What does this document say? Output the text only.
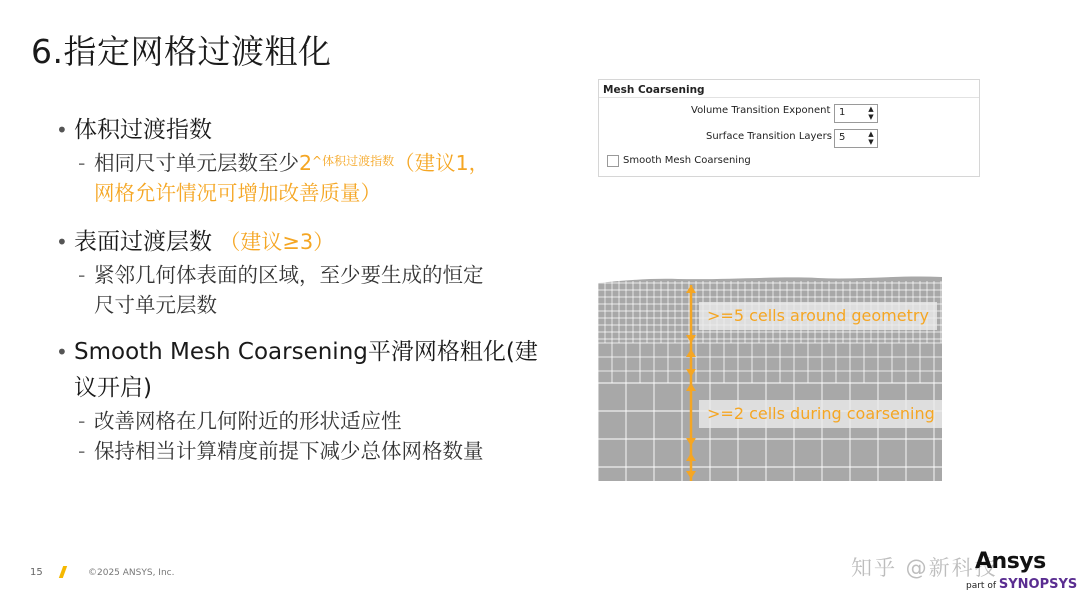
6.指定网格过渡粗化
• 体积过渡指数
- 相同尺寸单元层数至少$2^{\^{}体积过渡指数}$（建议1，
网格允许情况可增加改善质量）
• 表面过渡层数 （建议≥3）
- 紧邻几何体表面的区域，至少要生成的恒定
尺寸单元层数
• Smooth Mesh Coarsening平滑网格粗化(建
议开启)
- 改善网格在几何附近的形状适应性
- 保持相当计算精度前提下减少总体网格数量
Mesh Coarsening
Volume Transition Exponent 1	▲
▼
Surface Transition Layers 5	▲
▼
Smooth Mesh Coarsening
>=5 cells around geometry
>=2 cells during coarsening
15	©2025 ANSYS, Inc.	知乎 @新科技
Ansys
part of SYNOPSYS
